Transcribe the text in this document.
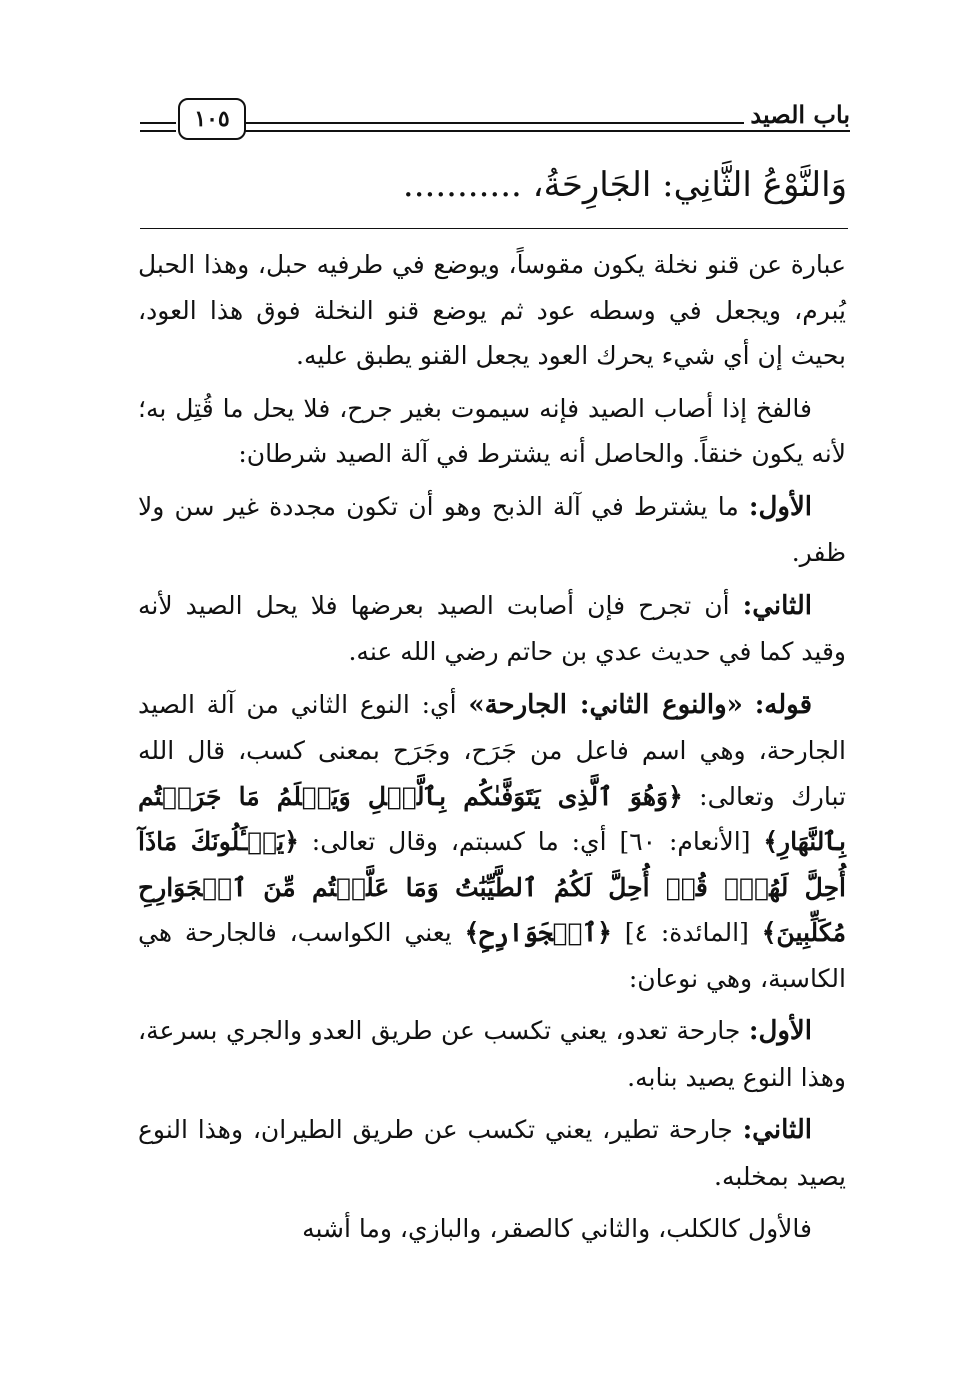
١٠٥	باب الصيد
وَالنَّوْعُ الثَّانِي: الجَارِحَةُ، ...........

عبارة عن قنو نخلة يكون مقوساً، ويوضع في طرفيه حبل، وهذا الحبل يُبرم، ويجعل في وسطه عود ثم يوضع قنو النخلة فوق هذا العود، بحيث إن أي شيء يحرك العود يجعل القنو يطبق عليه.

فالفخ إذا أصاب الصيد فإنه سيموت بغير جرح، فلا يحل ما قُتِل به؛ لأنه يكون خنقاً. والحاصل أنه يشترط في آلة الصيد شرطان:

الأول: ما يشترط في آلة الذبح وهو أن تكون مجددة غير سن ولا ظفر.

الثاني: أن تجرح فإن أصابت الصيد بعرضها فلا يحل الصيد لأنه وقيد كما في حديث عدي بن حاتم رضي الله عنه.

قوله: «والنوع الثاني: الجارحة» أي: النوع الثاني من آلة الصيد الجارحة، وهي اسم فاعل من جَرَح، وجَرَح بمعنى كسب، قال الله تبارك وتعالى: ﴿وَهُوَ ٱلَّذِى يَتَوَفَّىٰكُم بِٱلَّيۡلِ وَيَعۡلَمُ مَا جَرَحۡتُم بِٱلنَّهَارِ﴾ [الأنعام: ٦٠] أي: ما كسبتم، وقال تعالى: ﴿يَسۡـَٔلُونَكَ مَاذَآ أُحِلَّ لَهُمۡۖ قُلۡ أُحِلَّ لَكُمُ ٱلطَّيِّبَٰتُ وَمَا عَلَّمۡتُم مِّنَ ٱلۡجَوَارِحِ مُكَلِّبِينَ﴾ [المائدة: ٤] ﴿ٱلۡجَوَارِحِ﴾ يعني الكواسب، فالجارحة هي الكاسبة، وهي نوعان:

الأول: جارحة تعدو، يعني تكسب عن طريق العدو والجري بسرعة، وهذا النوع يصيد بنابه.

الثاني: جارحة تطير، يعني تكسب عن طريق الطيران، وهذا النوع يصيد بمخلبه.

فالأول كالكلب، والثاني كالصقر، والبازي، وما أشبه
